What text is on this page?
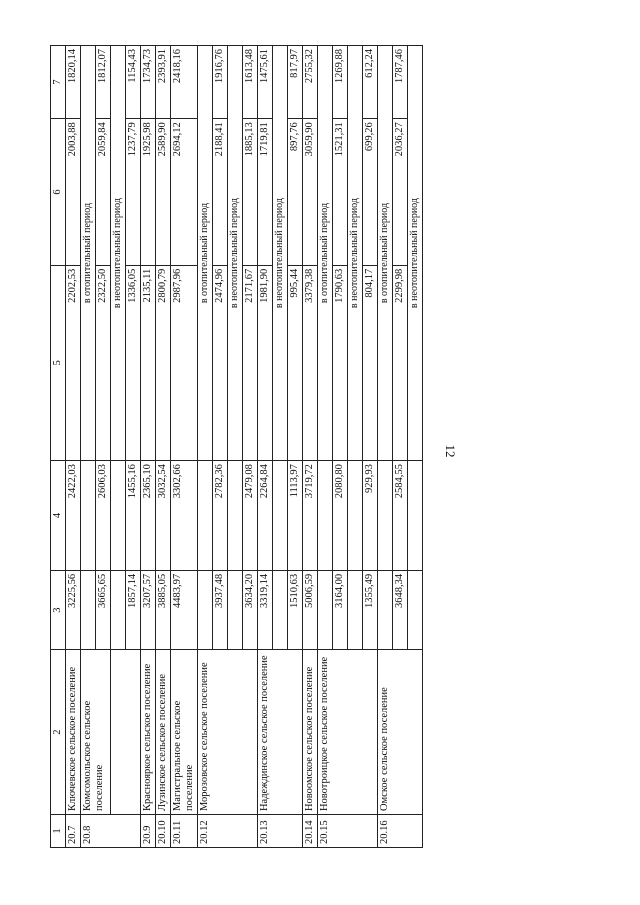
12
1	2	3	4	5	6	7
20.7	Ключевское сельское поселение	3225,56	2422,03	2202,53	2003,88	1820,14
20.8	Комсомольское сельское поселение			в отопительный период		
		3665,65	2606,03	2322,50	2059,84	1812,07
				в неотопительный период		
		1857,14	1455,16	1336,05	1237,79	1154,43
20.9	Краснояркое сельское поселение	3207,57	2365,10	2135,11	1925,98	1734,73
20.10	Лузинское сельское поселение	3885,05	3032,54	2800,79	2589,90	2393,91
20.11	Магистральное сельское поселение	4483,97	3302,66	2987,96	2694,12	2418,16
20.12	Морозовское сельское поселение			в отопительный период		
		3937,48	2782,36	2474,96	2188,41	1916,76
				в неотопительный период		
		3634,20	2479,08	2171,67	1885,13	1613,48
20.13	Надеждинское сельское поселение	3319,14	2264,84	1981,90	1719,81	1475,61
				в неотопительный период		
		1510,63	1113,97	995,44	897,76	817,97
20.14	Новоомское сельское поселение	5006,59	3719,72	3379,38	3059,90	2755,32
20.15	Новотроицкое сельское поселение			в отопительный период		
		3164,00	2080,80	1790,63	1521,31	1269,88
				в неотопительный период		
		1355,49	929,93	804,17	699,26	612,24
20.16	Омское сельское поселение			в отопительный период		
		3648,34	2584,55	2299,98	2036,27	1787,46
				в неотопительный период		
